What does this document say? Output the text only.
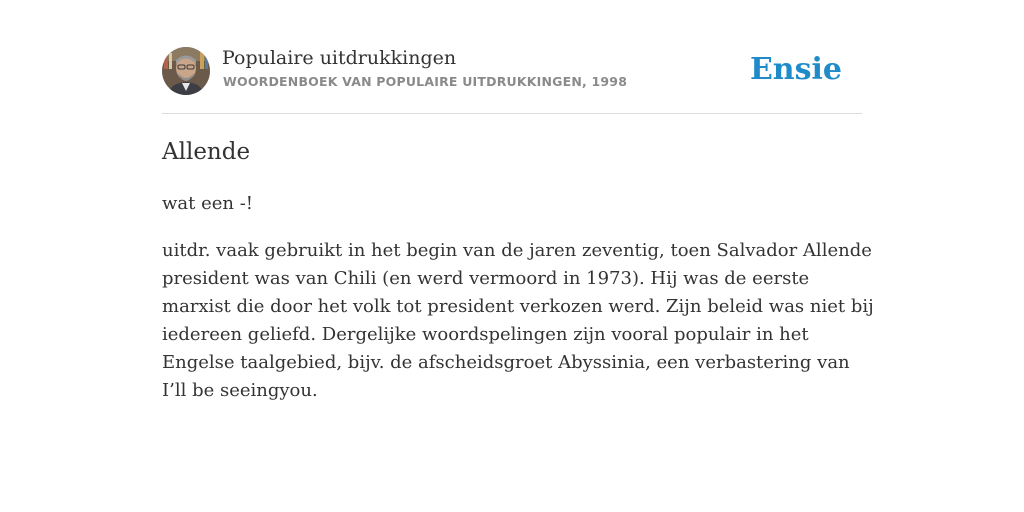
Populaire uitdrukkingen
WOORDENBOEK VAN POPULAIRE UITDRUKKINGEN, 1998	Ensie
Allende
wat een -!
uitdr. vaak gebruikt in het begin van de jaren zeventig, toen Salvador Allende president was van Chili (en werd vermoord in 1973). Hij was de eerste marxist die door het volk tot president verkozen werd. Zijn beleid was niet bij iedereen geliefd. Dergelijke woordspelingen zijn vooral populair in het Engelse taalgebied, bijv. de afscheidsgroet Abyssinia, een verbastering van I’ll be seeingyou.
